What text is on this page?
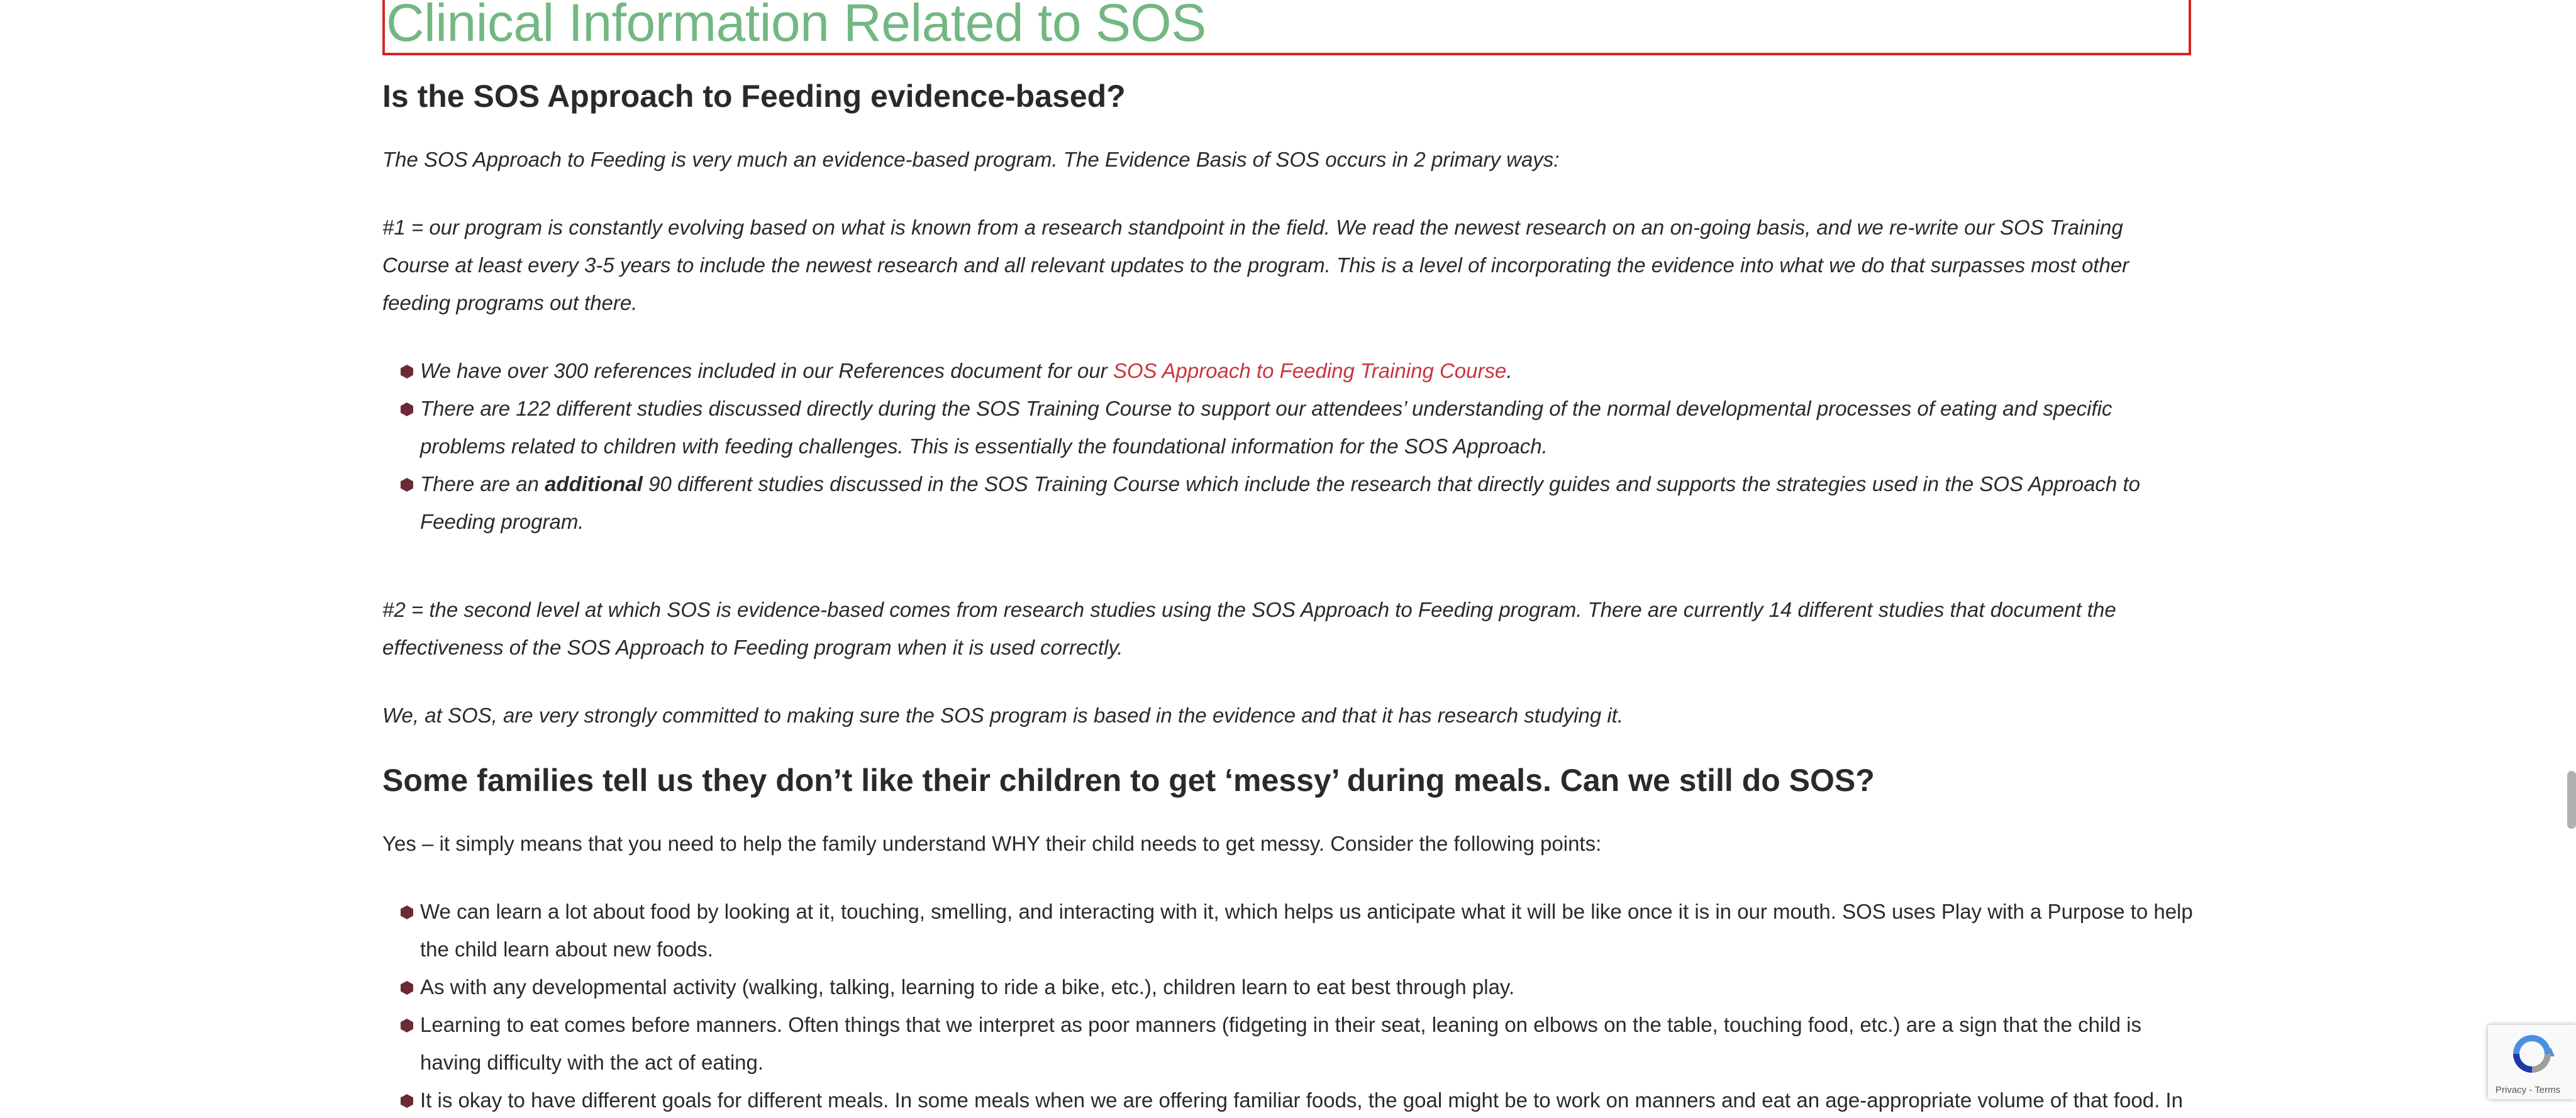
Clinical Information Related to SOS
Is the SOS Approach to Feeding evidence-based?

The SOS Approach to Feeding is very much an evidence-based program. The Evidence Basis of SOS occurs in 2 primary ways:

#1 = our program is constantly evolving based on what is known from a research standpoint in the field. We read the newest research on an on-going basis, and we re-write our SOS Training Course at least every 3-5 years to include the newest research and all relevant updates to the program. This is a level of incorporating the evidence into what we do that surpasses most other feeding programs out there.

We have over 300 references included in our References document for our SOS Approach to Feeding Training Course.
There are 122 different studies discussed directly during the SOS Training Course to support our attendees’ understanding of the normal developmental processes of eating and specific problems related to children with feeding challenges. This is essentially the foundational information for the SOS Approach.
There are an additional 90 different studies discussed in the SOS Training Course which include the research that directly guides and supports the strategies used in the SOS Approach to Feeding program.

#2 = the second level at which SOS is evidence-based comes from research studies using the SOS Approach to Feeding program. There are currently 14 different studies that document the effectiveness of the SOS Approach to Feeding program when it is used correctly.

We, at SOS, are very strongly committed to making sure the SOS program is based in the evidence and that it has research studying it.

Some families tell us they don’t like their children to get ‘messy’ during meals. Can we still do SOS?

Yes – it simply means that you need to help the family understand WHY their child needs to get messy. Consider the following points:

We can learn a lot about food by looking at it, touching, smelling, and interacting with it, which helps us anticipate what it will be like once it is in our mouth. SOS uses Play with a Purpose to help the child learn about new foods.
As with any developmental activity (walking, talking, learning to ride a bike, etc.), children learn to eat best through play.
Learning to eat comes before manners. Often things that we interpret as poor manners (fidgeting in their seat, leaning on elbows on the table, touching food, etc.) are a sign that the child is having difficulty with the act of eating.
It is okay to have different goals for different meals. In some meals when we are offering familiar foods, the goal might be to work on manners and eat an age-appropriate volume of that food. In	Privacy - Terms
